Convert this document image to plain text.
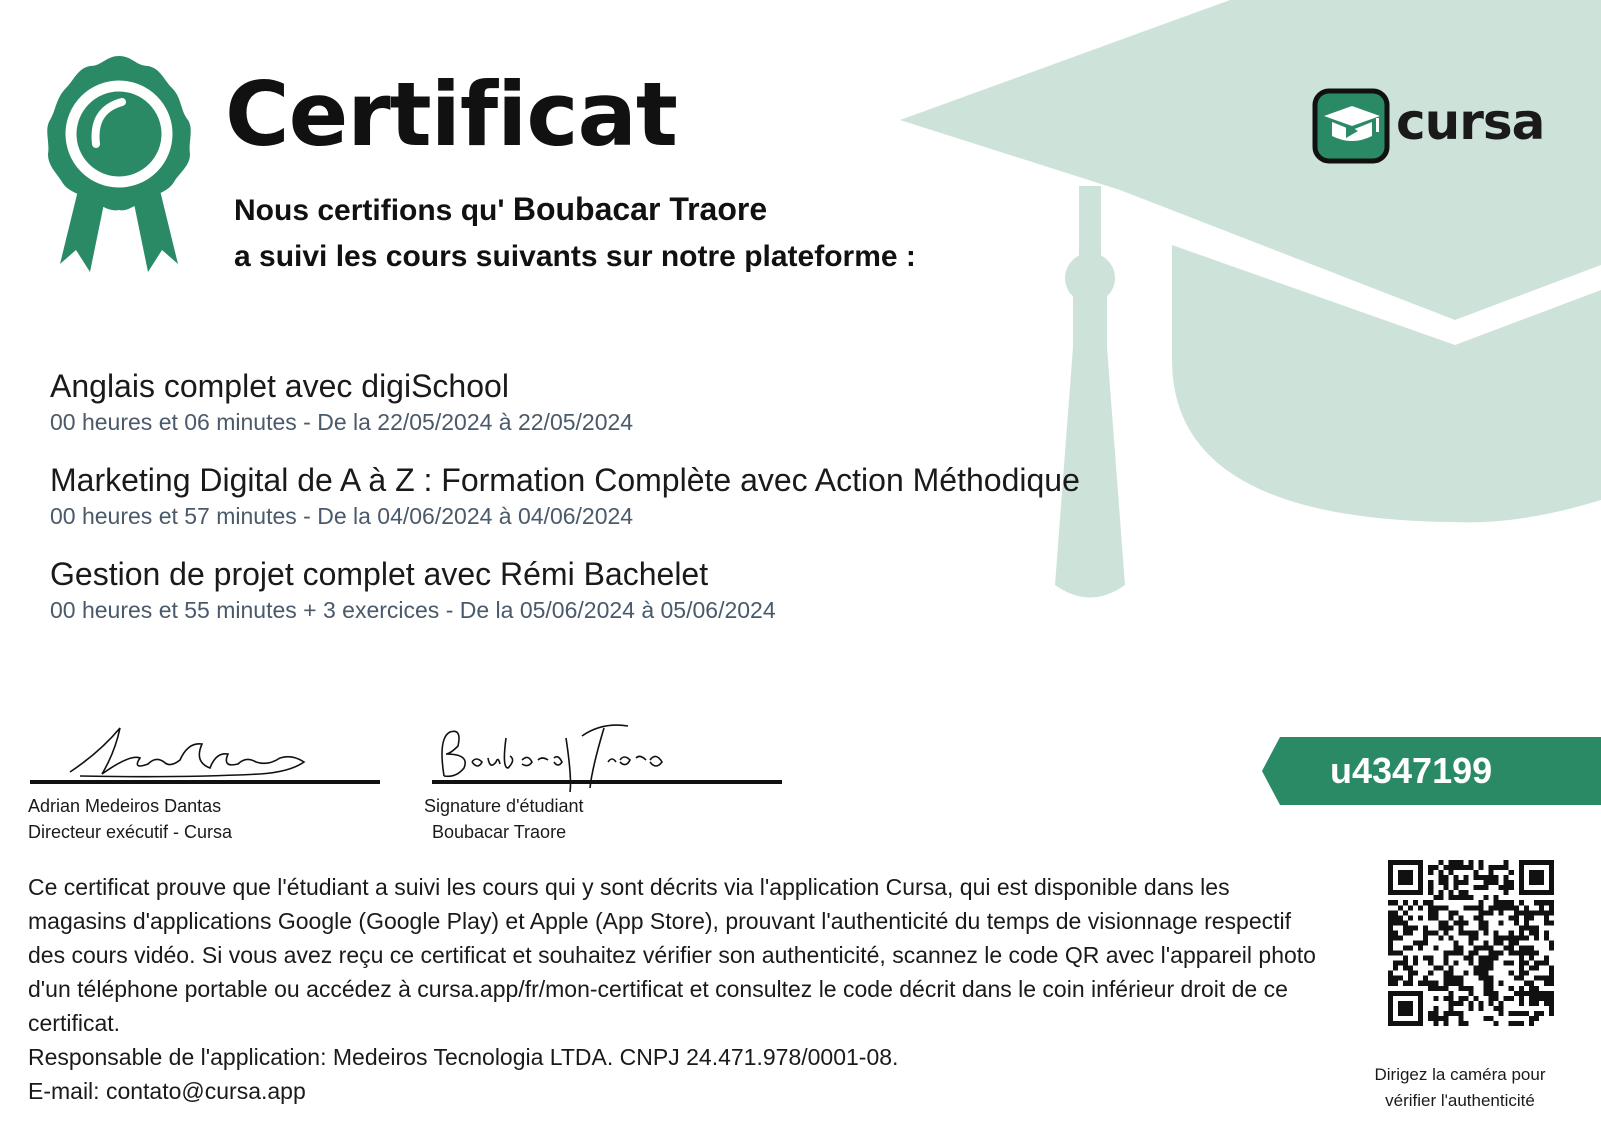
Certificat
Nous certifions qu' Boubacar Traore
a suivi les cours suivants sur notre plateforme :
cursa
Anglais complet avec digiSchool
00 heures et 06 minutes - De la 22/05/2024 à 22/05/2024
Marketing Digital de A à Z : Formation Complète avec Action Méthodique
00 heures et 57 minutes - De la 04/06/2024 à 04/06/2024
Gestion de projet complet avec Rémi Bachelet
00 heures et 55 minutes + 3 exercices - De la 05/06/2024 à 05/06/2024
Adrian Medeiros Dantas
Directeur exécutif - Cursa
Signature d'étudiant
Boubacar Traore
u4347199

Ce certificat prouve que l'étudiant a suivi les cours qui y sont décrits via l'application Cursa, qui est disponible dans les magasins d'applications Google (Google Play) et Apple (App Store), prouvant l'authenticité du temps de visionnage respectif des cours vidéo. Si vous avez reçu ce certificat et souhaitez vérifier son authenticité, scannez le code QR avec l'appareil photo d'un téléphone portable ou accédez à cursa.app/fr/mon-certificat et consultez le code décrit dans le coin inférieur droit de ce certificat.

Responsable de l'application: Medeiros Tecnologia LTDA. CNPJ 24.471.978/0001-08.

E-mail: contato@cursa.app

Dirigez la caméra pour
vérifier l'authenticité
